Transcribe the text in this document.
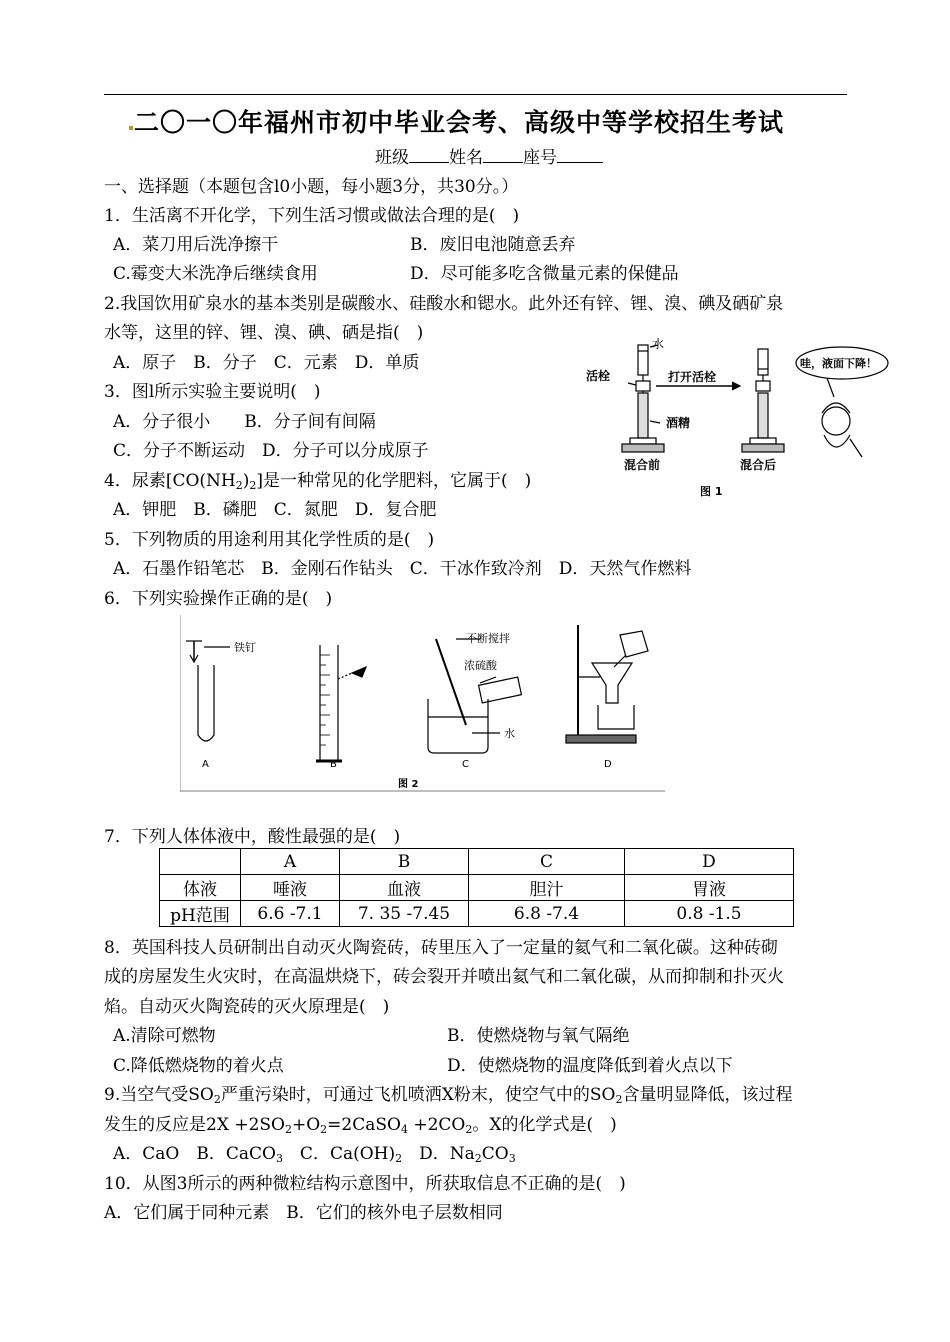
二〇一〇年福州市初中毕业会考、高级中等学校招生考试
班级 姓名 座号
一、选择题（本题包含l0小题，每小题3分，共30分。）
1．生活离不开化学，下列生活习惯或做法合理的是(　)
A．菜刀用后洗净擦干	B．废旧电池随意丢弃
C.霉变大米洗净后继续食用	D．尽可能多吃含微量元素的保健品
2.我国饮用矿泉水的基本类别是碳酸水、硅酸水和锶水。此外还有锌、锂、溴、碘及硒矿泉
水等，这里的锌、锂、溴、碘、硒是指(　)
A．原子　B．分子　C．元素　D．单质
3．图l所示实验主要说明(　)
A．分子很小　　B．分子间有间隔
C．分子不断运动　D．分子可以分成原子
4．尿素$[CO(NH_2)_2]$是一种常见的化学肥料，它属于(　)
A．钾肥　B．磷肥　C．氮肥　D．复合肥
5．下列物质的用途利用其化学性质的是(　)
A．石墨作铅笔芯　B．金刚石作钻头　C．干冰作致冷剂　D．天然气作燃料
6．下列实验操作正确的是(　)
水
活栓
酒精
打开活栓
混合前	混合后
哇，液面下降！
图 1
铁钉
不断搅拌
浓硫酸
水
A	B	C	D
图 2
7．下列人体体液中，酸性最强的是(　)
	A	B	C	D
体液	唾液	血液	胆汁	胃液
pH范围	6.6 -7.1	7. 35 -7.45	6.8 -7.4	0.8 -1.5
8．英国科技人员研制出自动灭火陶瓷砖，砖里压入了一定量的氦气和二氧化碳。这种砖砌
成的房屋发生火灾时，在高温烘烧下，砖会裂开并喷出氦气和二氧化碳，从而抑制和扑灭火
焰。自动灭火陶瓷砖的灭火原理是(　)
A.清除可燃物	B．使燃烧物与氧气隔绝
C.降低燃烧物的着火点	D．使燃烧物的温度降低到着火点以下
9.当空气受$SO_2$严重污染时，可通过飞机喷洒X粉末，使空气中的$SO_2$含量明显降低，该过程
发生的反应是$2X +2SO_2+O_2=2CaSO_4 +2CO_2$。X的化学式是(　)
A．CaO　B．CaCO$_3$　C．$Ca(OH)_2$　D．$Na_2CO_3$
10．从图3所示的两种微粒结构示意图中，所获取信息不正确的是(　)
A．它们属于同种元素　B．它们的核外电子层数相同
